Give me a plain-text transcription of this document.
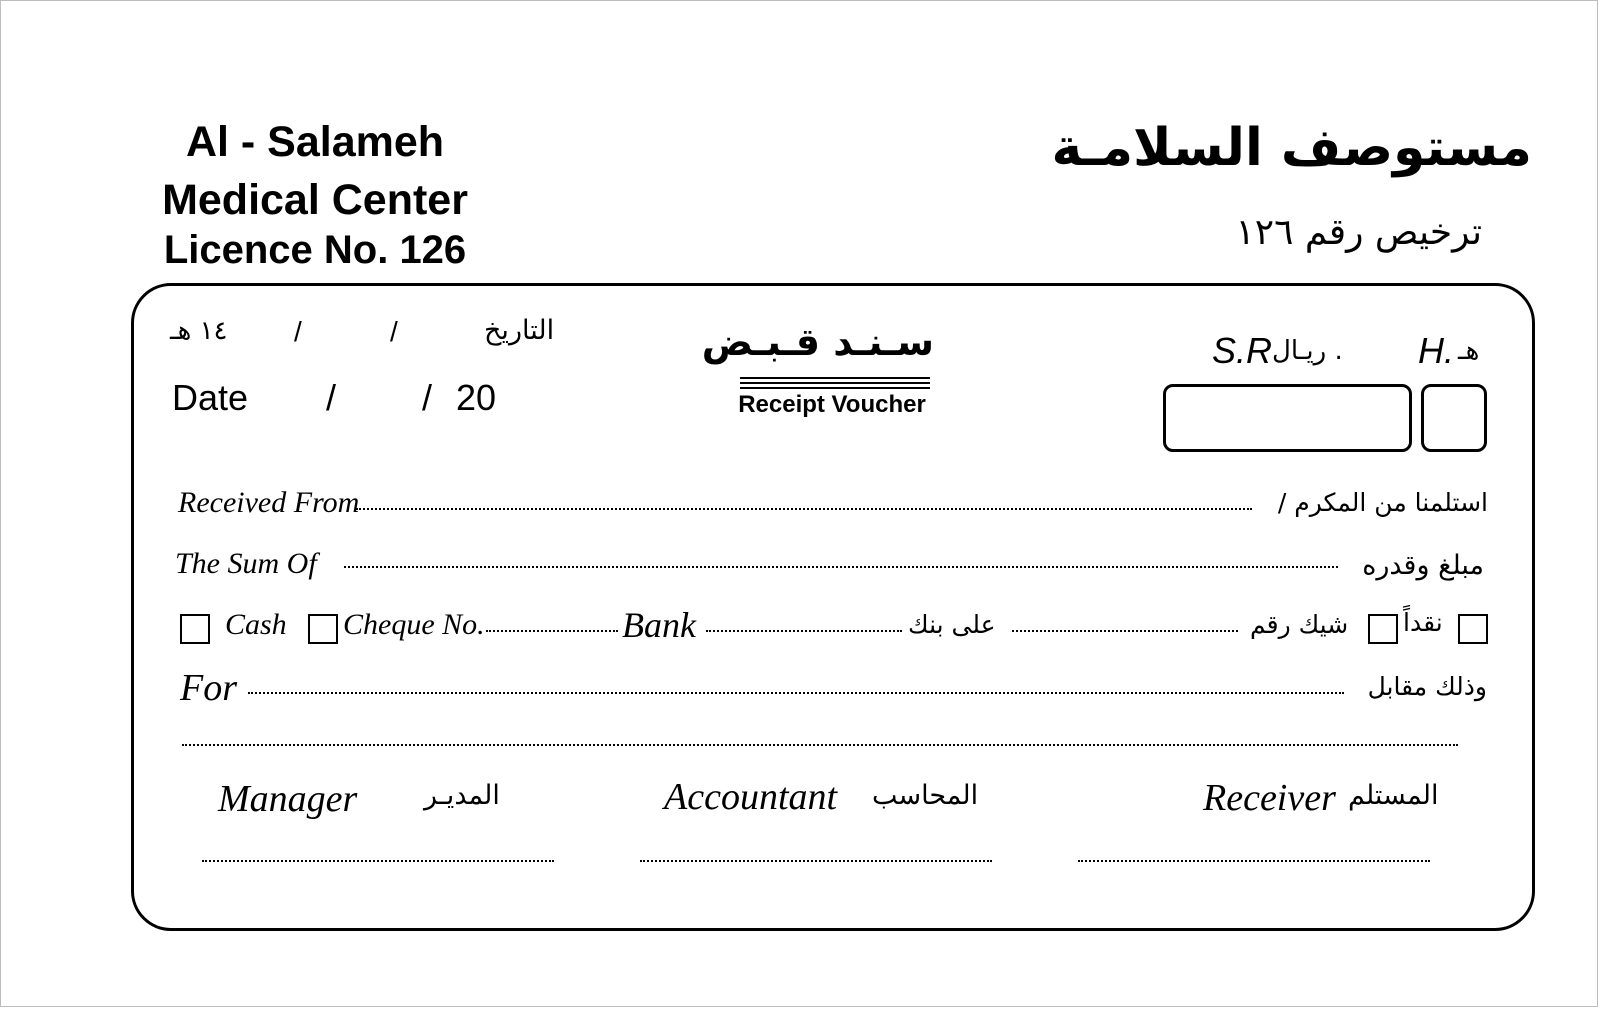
Al - Salameh
Medical Center
Licence No. 126
مستوصف السلامـة
ترخيص رقم ١٢٦
التاريخ
/
/
١٤ هـ
Date / / 20
سـنـد قـبـض
Receipt Voucher
S.R . ريـال H. هـ
Received From	استلمنا من المكرم /
The Sum Of	مبلغ وقدره
Cash Cheque No.	Bank	على بنك	شيك رقم نقداً
For	وذلك مقابل
Manager المديـر	Accountant المحاسب	Receiver المستلم
